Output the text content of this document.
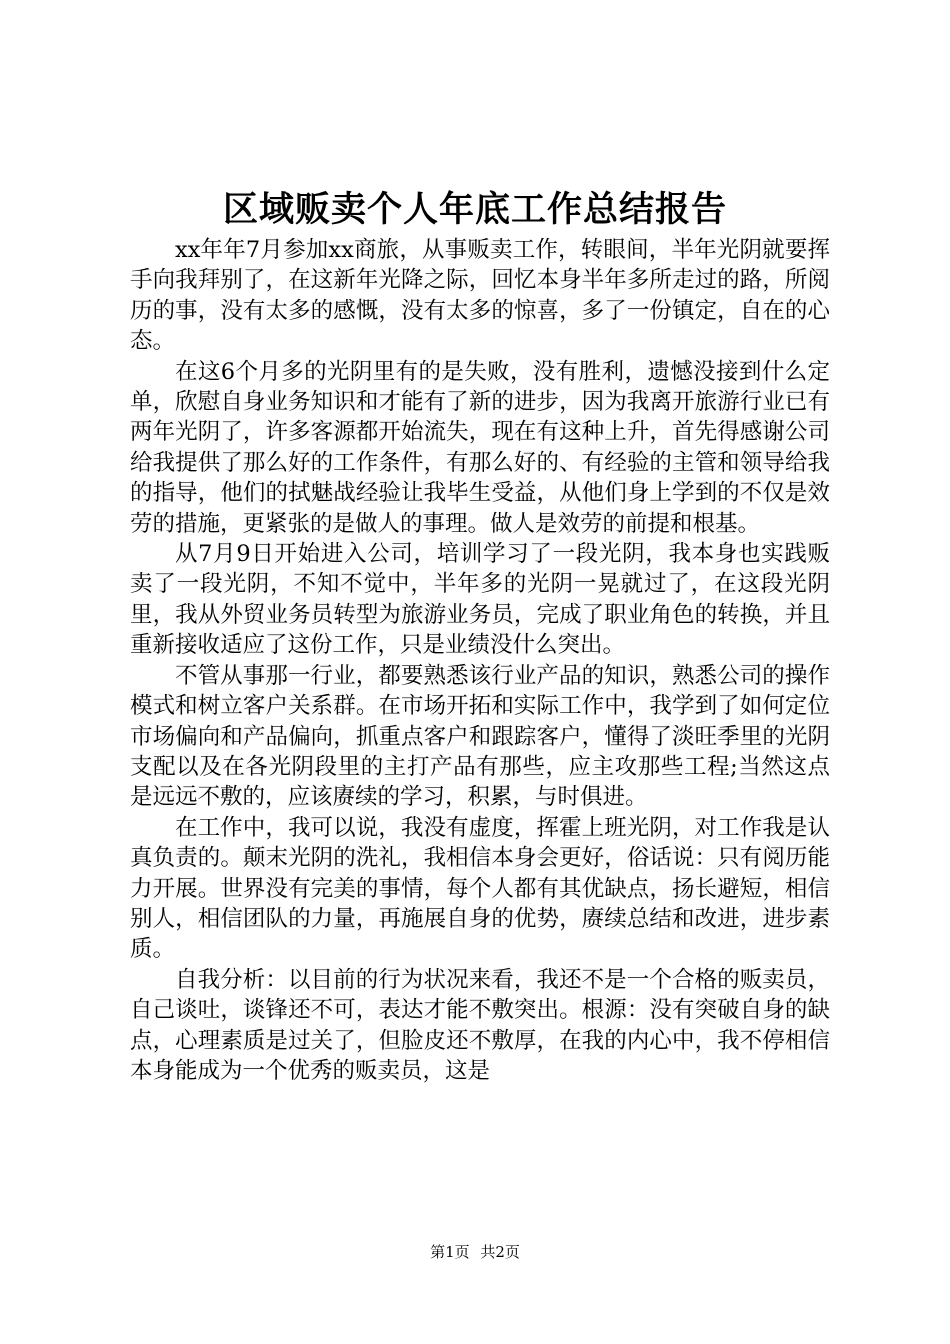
区域贩卖个人年底工作总结报告

xx年年7月参加xx商旅，从事贩卖工作，转眼间，半年光阴就要挥手向我拜别了，在这新年光降之际，回忆本身半年多所走过的路，所阅历的事，没有太多的感慨，没有太多的惊喜，多了一份镇定，自在的心态。

在这6个月多的光阴里有的是失败，没有胜利，遗憾没接到什么定单，欣慰自身业务知识和才能有了新的进步，因为我离开旅游行业已有两年光阴了，许多客源都开始流失，现在有这种上升，首先得感谢公司给我提供了那么好的工作条件，有那么好的、有经验的主管和领导给我的指导，他们的拭魅战经验让我毕生受益，从他们身上学到的不仅是效劳的措施，更紧张的是做人的事理。做人是效劳的前提和根基。

从7月9日开始进入公司，培训学习了一段光阴，我本身也实践贩卖了一段光阴，不知不觉中，半年多的光阴一晃就过了，在这段光阴里，我从外贸业务员转型为旅游业务员，完成了职业角色的转换，并且重新接收适应了这份工作，只是业绩没什么突出。

不管从事那一行业，都要熟悉该行业产品的知识，熟悉公司的操作模式和树立客户关系群。在市场开拓和实际工作中，我学到了如何定位市场偏向和产品偏向，抓重点客户和跟踪客户，懂得了淡旺季里的光阴支配以及在各光阴段里的主打产品有那些，应主攻那些工程;当然这点是远远不敷的，应该赓续的学习，积累，与时俱进。

在工作中，我可以说，我没有虚度，挥霍上班光阴，对工作我是认真负责的。颠末光阴的洗礼，我相信本身会更好，俗话说：只有阅历能力开展。世界没有完美的事情，每个人都有其优缺点，扬长避短，相信别人，相信团队的力量，再施展自身的优势，赓续总结和改进，进步素质。

自我分析：以目前的行为状况来看，我还不是一个合格的贩卖员，自己谈吐，谈锋还不可，表达才能不敷突出。根源：没有突破自身的缺点，心理素质是过关了，但脸皮还不敷厚，在我的内心中，我不停相信本身能成为一个优秀的贩卖员，这是

第1页 共2页
